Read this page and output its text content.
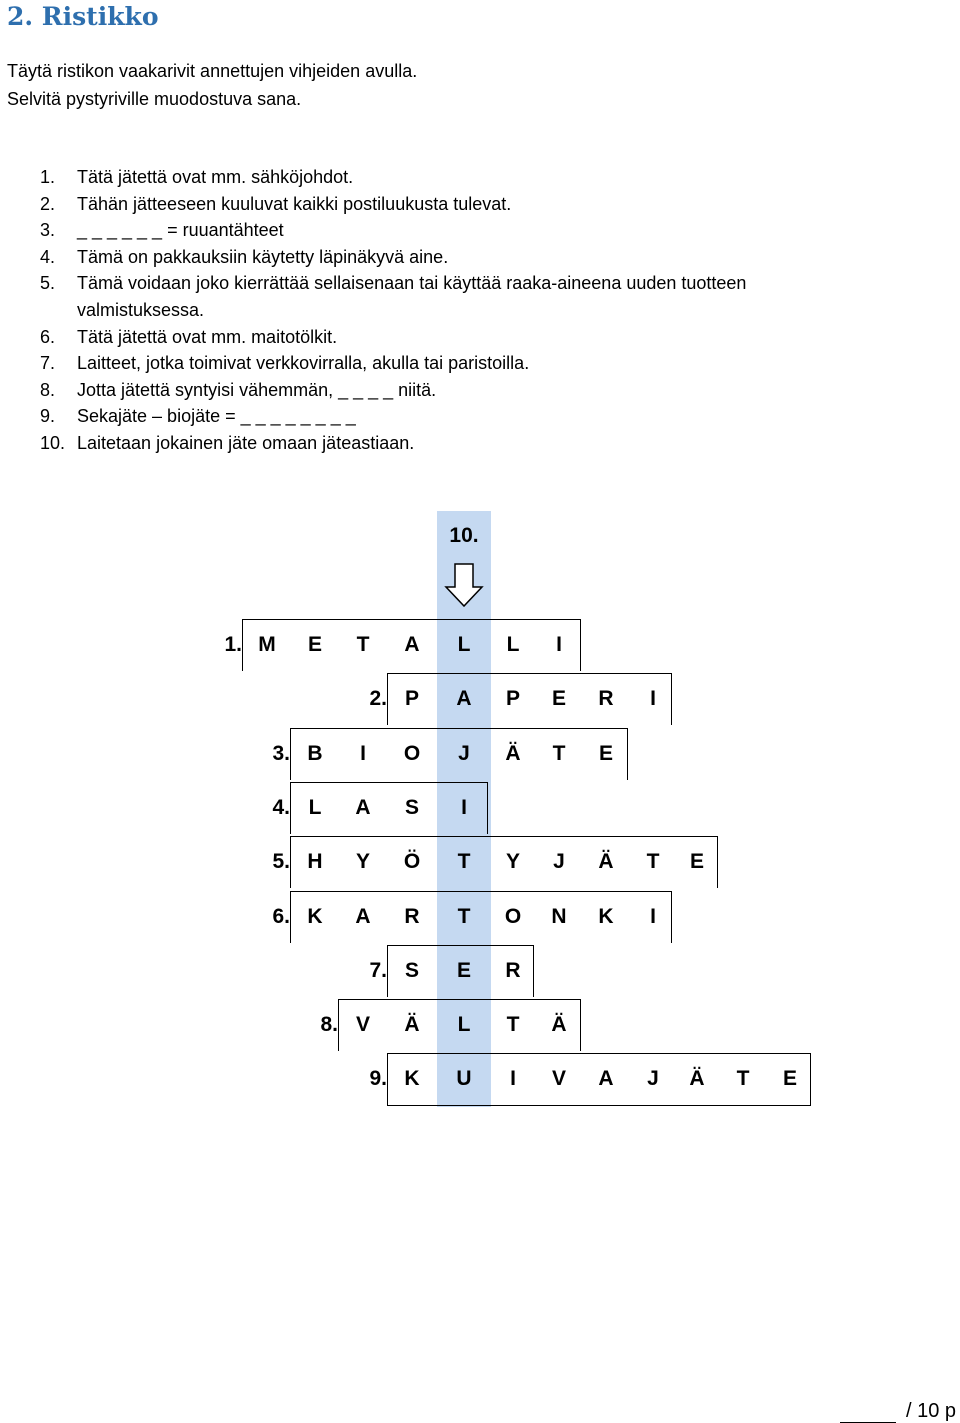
2. Ristikko
Täytä ristikon vaakarivit annettujen vihjeiden avulla.
Selvitä pystyriville muodostuva sana.
1. Tätä jätettä ovat mm. sähköjohdot.
2. Tähän jätteeseen kuuluvat kaikki postiluukusta tulevat.
3. _ _ _ _ _ _ = ruuantähteet
4. Tämä on pakkauksiin käytetty läpinäkyvä aine.
5. Tämä voidaan joko kierrättää sellaisenaan tai käyttää raaka-aineena uuden tuotteen
valmistuksessa.
6. Tätä jätettä ovat mm. maitotölkit.
7. Laitteet, jotka toimivat verkkovirralla, akulla tai paristoilla.
8. Jotta jätettä syntyisi vähemmän, _ _ _ _ niitä.
9. Sekajäte – biojäte = _ _ _ _ _ _ _ _
10. Laitetaan jokainen jäte omaan jäteastiaan.
10.
1. M	E	T	A	L	L	I
2. P	A	P	E	R	I
3. B	I	O	J	Ä	T	E
4. L	A	S	I
5. H	Y	Ö	T	Y	J	Ä	T	E
6. K	A	R	T	O	N	K	I
7. S	E	R
8. V	Ä	L	T	Ä
9. K	U	I	V	A	J	Ä	T	E
/ 10 p
